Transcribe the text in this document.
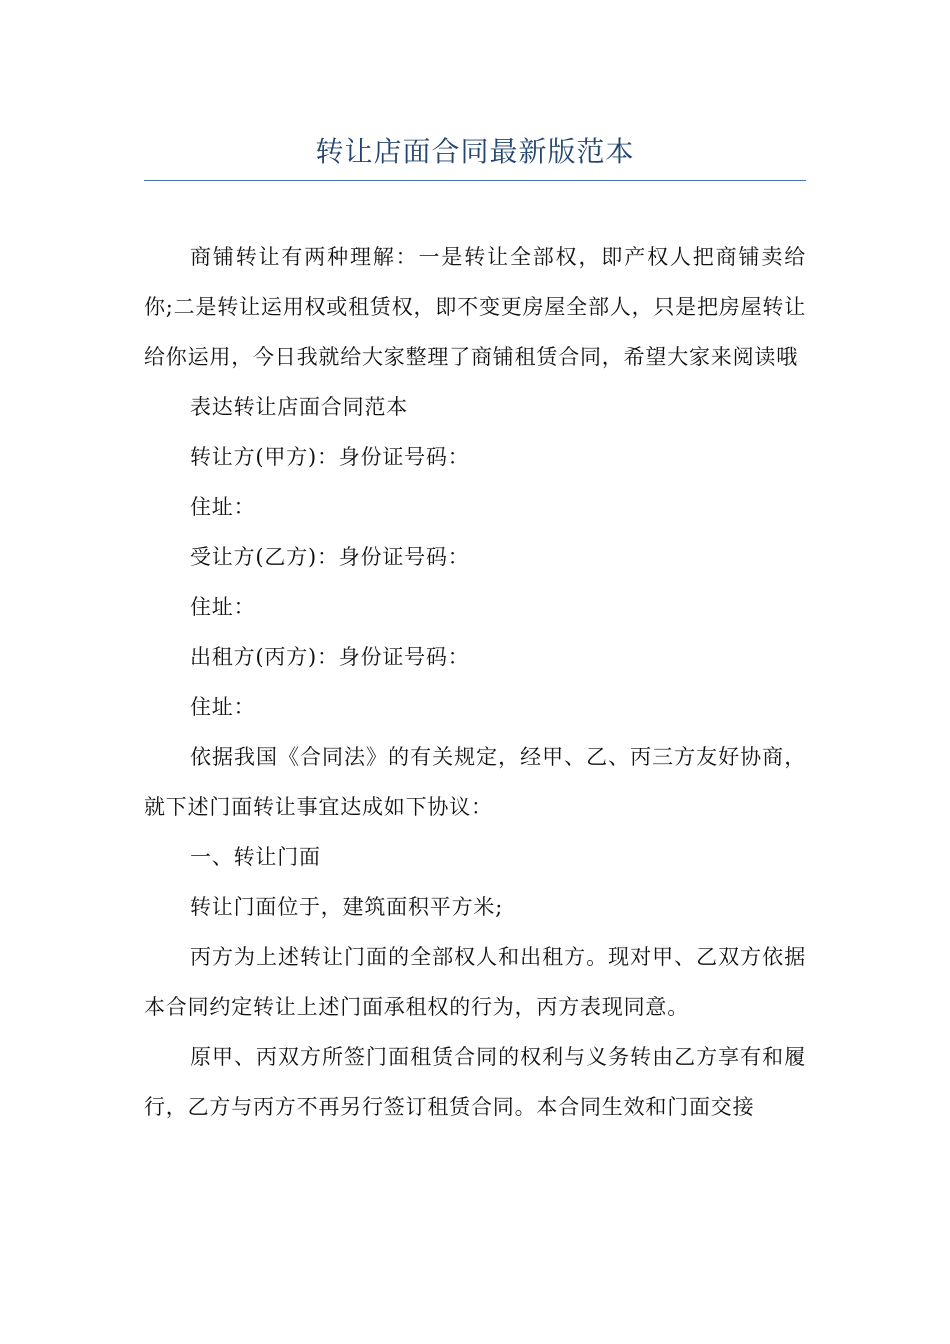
转让店面合同最新版范本

商铺转让有两种理解：一是转让全部权，即产权人把商铺卖给你;二是转让运用权或租赁权，即不变更房屋全部人，只是把房屋转让给你运用，今日我就给大家整理了商铺租赁合同，希望大家来阅读哦

表达转让店面合同范本

转让方(甲方)：身份证号码：

住址：

受让方(乙方)：身份证号码：

住址：

出租方(丙方)：身份证号码：

住址：

依据我国《合同法》的有关规定，经甲、乙、丙三方友好协商，就下述门面转让事宜达成如下协议：

一、转让门面

转让门面位于，建筑面积平方米;

丙方为上述转让门面的全部权人和出租方。现对甲、乙双方依据本合同约定转让上述门面承租权的行为，丙方表现同意。

原甲、丙双方所签门面租赁合同的权利与义务转由乙方享有和履行，乙方与丙方不再另行签订租赁合同。本合同生效和门面交接
